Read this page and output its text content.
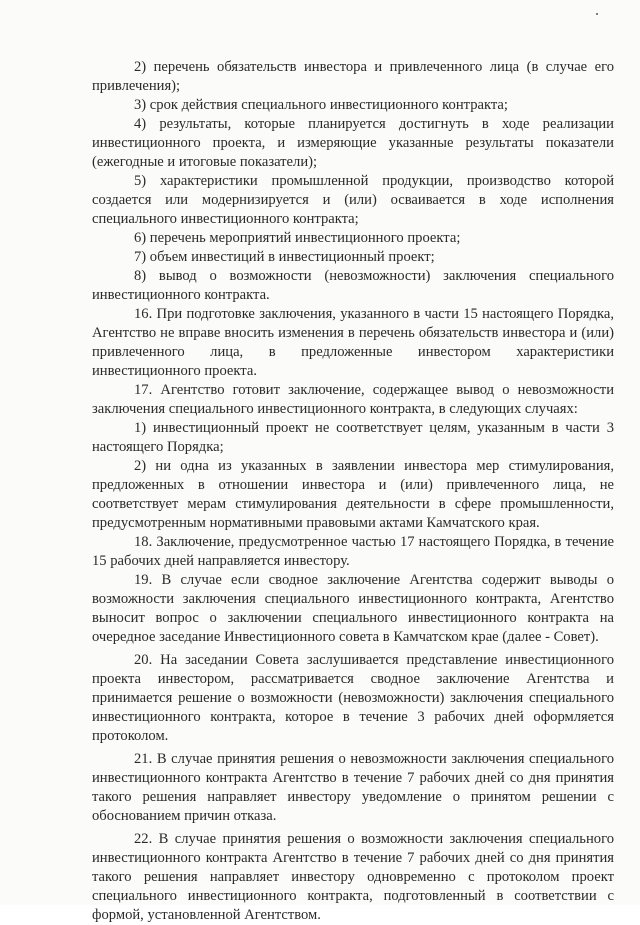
2) перечень обязательств инвестора и привлеченного лица (в случае его привлечения);

3) срок действия специального инвестиционного контракта;

4) результаты, которые планируется достигнуть в ходе реализации инвестиционного проекта, и измеряющие указанные результаты показатели (ежегодные и итоговые показатели);

5) характеристики промышленной продукции, производство которой создается или модернизируется и (или) осваивается в ходе исполнения специального инвестиционного контракта;

6) перечень мероприятий инвестиционного проекта;

7) объем инвестиций в инвестиционный проект;

8) вывод о возможности (невозможности) заключения специального инвестиционного контракта.

16. При подготовке заключения, указанного в части 15 настоящего Порядка, Агентство не вправе вносить изменения в перечень обязательств инвестора и (или) привлеченного лица, в предложенные инвестором характеристики инвестиционного проекта.

17. Агентство готовит заключение, содержащее вывод о невозможности заключения специального инвестиционного контракта, в следующих случаях:

1) инвестиционный проект не соответствует целям, указанным в части 3 настоящего Порядка;

2) ни одна из указанных в заявлении инвестора мер стимулирования, предложенных в отношении инвестора и (или) привлеченного лица, не соответствует мерам стимулирования деятельности в сфере промышленности, предусмотренным нормативными правовыми актами Камчатского края.

18. Заключение, предусмотренное частью 17 настоящего Порядка, в течение 15 рабочих дней направляется инвестору.

19. В случае если сводное заключение Агентства содержит выводы о возможности заключения специального инвестиционного контракта, Агентство выносит вопрос о заключении специального инвестиционного контракта на очередное заседание Инвестиционного совета в Камчатском крае (далее - Совет).

20. На заседании Совета заслушивается представление инвестиционного проекта инвестором, рассматривается сводное заключение Агентства и принимается решение о возможности (невозможности) заключения специального инвестиционного контракта, которое в течение 3 рабочих дней оформляется протоколом.

21. В случае принятия решения о невозможности заключения специального инвестиционного контракта Агентство в течение 7 рабочих дней со дня принятия такого решения направляет инвестору уведомление о принятом решении с обоснованием причин отказа.

22. В случае принятия решения о возможности заключения специального инвестиционного контракта Агентство в течение 7 рабочих дней со дня принятия такого решения направляет инвестору одновременно с протоколом проект специального инвестиционного контракта, подготовленный в соответствии с формой, установленной Агентством.
